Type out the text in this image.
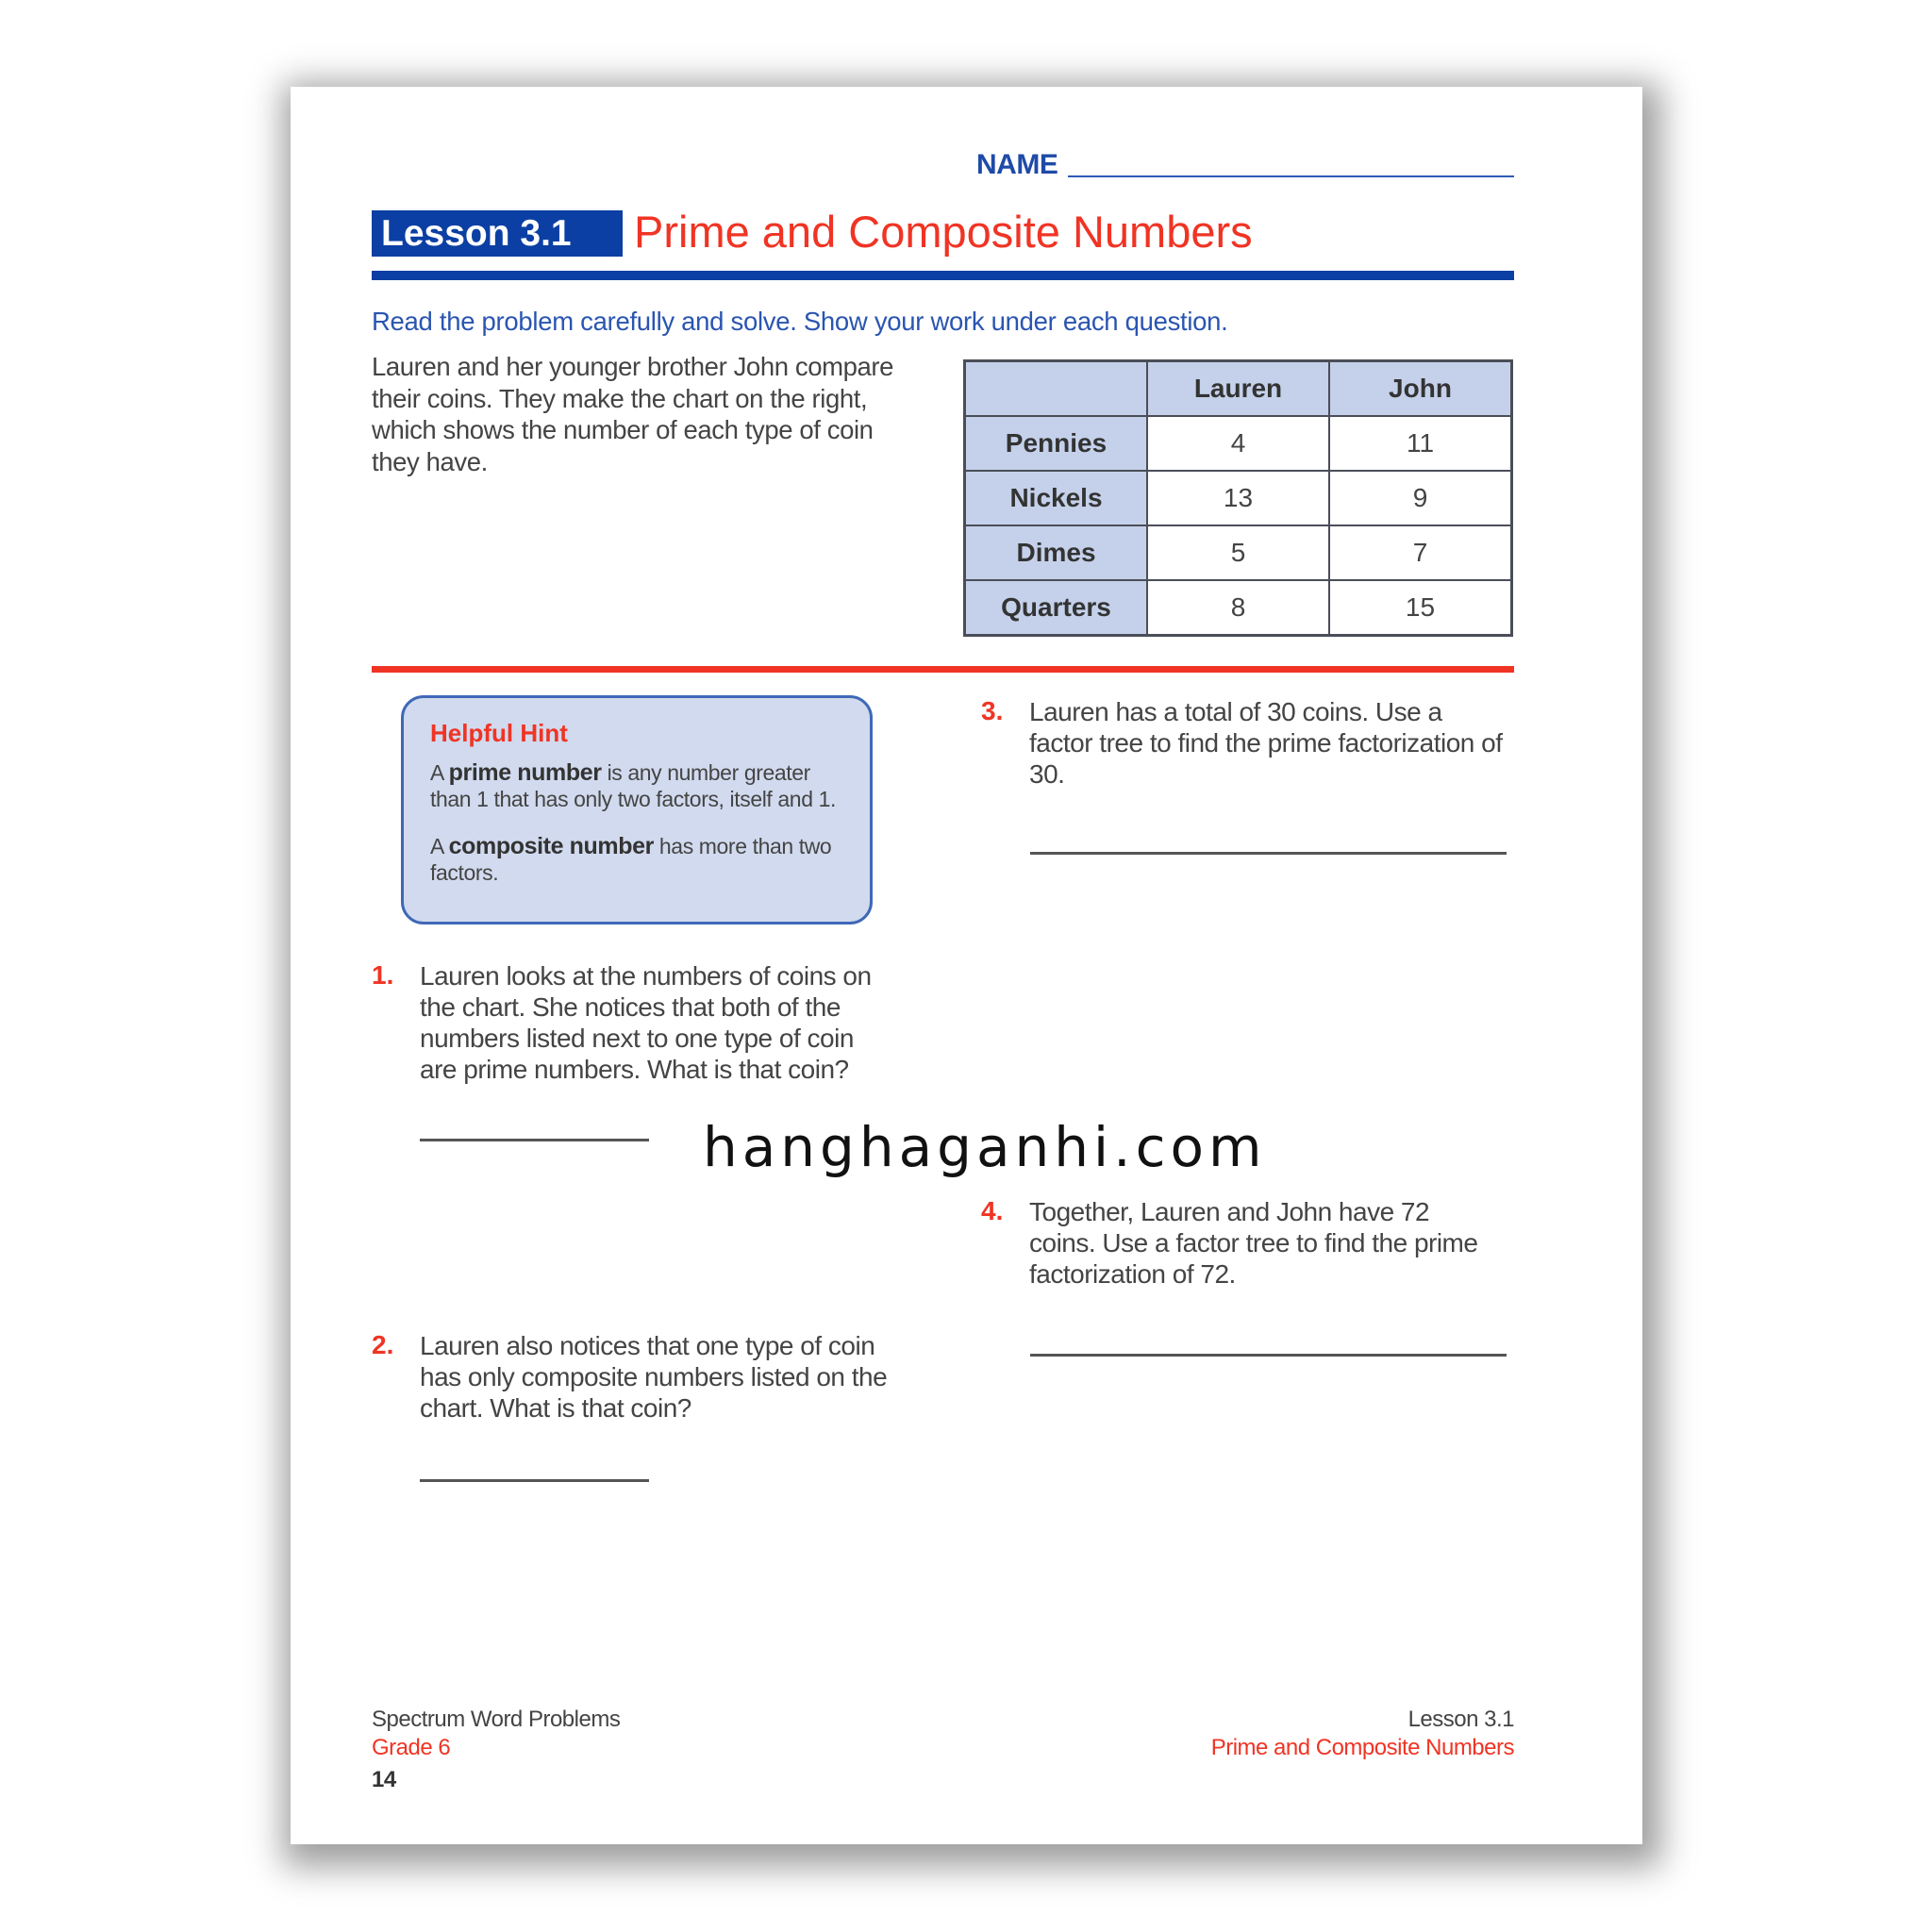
NAME
Lesson 3.1	Prime and Composite Numbers
Read the problem carefully and solve. Show your work under each question.
Lauren and her younger brother John compare their coins. They make the chart on the right, which shows the number of each type of coin they have.
	Lauren	John
Pennies	4	11
Nickels	13	9
Dimes	5	7
Quarters	8	15
Helpful Hint

A prime number is any number greater than 1 that has only two factors, itself and 1.

A composite number has more than two factors.

1. Lauren looks at the numbers of coins on the chart. She notices that both of the numbers listed next to one type of coin are prime numbers. What is that coin?
2. Lauren also notices that one type of coin has only composite numbers listed on the chart. What is that coin?
3. Lauren has a total of 30 coins. Use a factor tree to find the prime factorization of 30.
4. Together, Lauren and John have 72 coins. Use a factor tree to find the prime factorization of 72.
hanghaganhi.com
Spectrum Word Problems
Grade 6
14
Lesson 3.1
Prime and Composite Numbers
